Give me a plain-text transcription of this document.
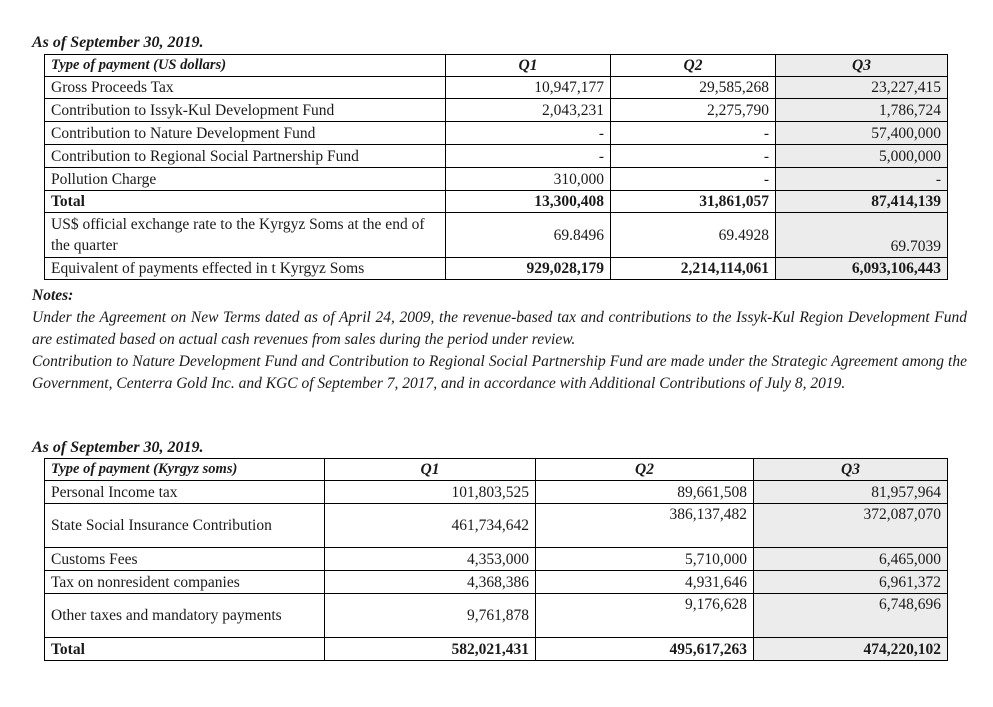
As of September 30, 2019.
Type of payment (US dollars)	Q1	Q2	Q3
Gross Proceeds Tax	10,947,177	29,585,268	23,227,415
Contribution to Issyk-Kul Development Fund	2,043,231	2,275,790	1,786,724
Contribution to Nature Development Fund	-	-	57,400,000
Contribution to Regional Social Partnership Fund	-	-	5,000,000
Pollution Charge	310,000	-	-
Total	13,300,408	31,861,057	87,414,139
US$ official exchange rate to the Kyrgyz Soms at the end of the quarter	69.8496	69.4928	69.7039
Equivalent of payments effected in t Kyrgyz Soms	929,028,179	2,214,114,061	6,093,106,443
Notes:

Under the Agreement on New Terms dated as of April 24, 2009, the revenue-based tax and contributions to the Issyk-Kul Region Development Fund are estimated based on actual cash revenues from sales during the period under review.

Contribution to Nature Development Fund and Contribution to Regional Social Partnership Fund are made under the Strategic Agreement among the Government, Centerra Gold Inc. and KGC of September 7, 2017, and in accordance with Additional Contributions of July 8, 2019.

As of September 30, 2019.
Type of payment (Kyrgyz soms)	Q1	Q2	Q3
Personal Income tax	101,803,525	89,661,508	81,957,964
State Social Insurance Contribution	461,734,642	386,137,482	372,087,070
Customs Fees	4,353,000	5,710,000	6,465,000
Tax on nonresident companies	4,368,386	4,931,646	6,961,372
Other taxes and mandatory payments	9,761,878	9,176,628	6,748,696
Total	582,021,431	495,617,263	474,220,102
